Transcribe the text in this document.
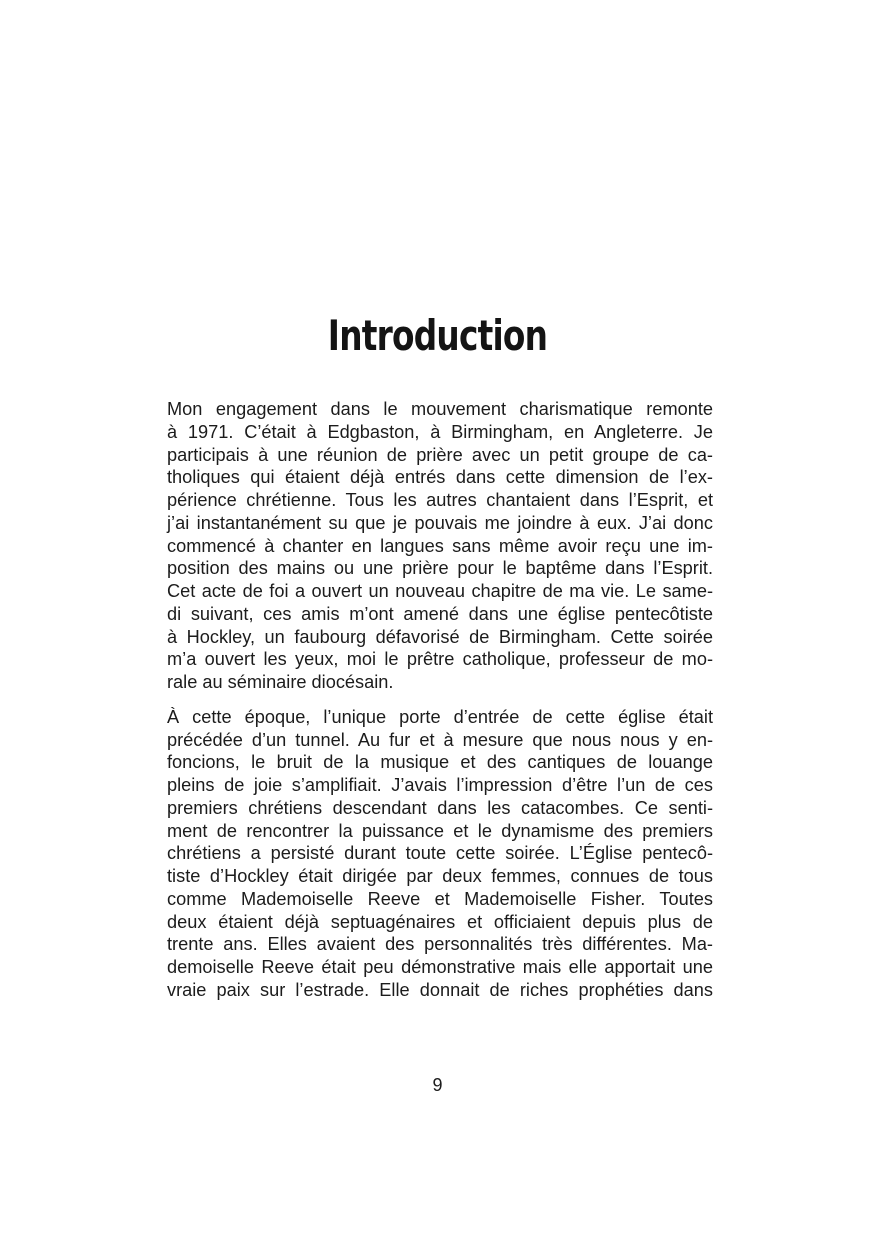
Introduction

Mon engagement dans le mouvement charismatique remonte
à 1971. C’était à Edgbaston, à Birmingham, en Angleterre. Je
participais à une réunion de prière avec un petit groupe de ca-
tholiques qui étaient déjà entrés dans cette dimension de l’ex-
périence chrétienne. Tous les autres chantaient dans l’Esprit, et
j’ai instantanément su que je pouvais me joindre à eux. J’ai donc
commencé à chanter en langues sans même avoir reçu une im-
position des mains ou une prière pour le baptême dans l’Esprit.
Cet acte de foi a ouvert un nouveau chapitre de ma vie. Le same-
di suivant, ces amis m’ont amené dans une église pentecôtiste
à Hockley, un faubourg défavorisé de Birmingham. Cette soirée
m’a ouvert les yeux, moi le prêtre catholique, professeur de mo-
rale au séminaire diocésain.

À cette époque, l’unique porte d’entrée de cette église était
précédée d’un tunnel. Au fur et à mesure que nous nous y en-
foncions, le bruit de la musique et des cantiques de louange
pleins de joie s’amplifiait. J’avais l’impression d’être l’un de ces
premiers chrétiens descendant dans les catacombes. Ce senti-
ment de rencontrer la puissance et le dynamisme des premiers
chrétiens a persisté durant toute cette soirée. L’Église pentecô-
tiste d’Hockley était dirigée par deux femmes, connues de tous
comme Mademoiselle Reeve et Mademoiselle Fisher. Toutes
deux étaient déjà septuagénaires et officiaient depuis plus de
trente ans. Elles avaient des personnalités très différentes. Ma-
demoiselle Reeve était peu démonstrative mais elle apportait une
vraie paix sur l’estrade. Elle donnait de riches prophéties dans

9
